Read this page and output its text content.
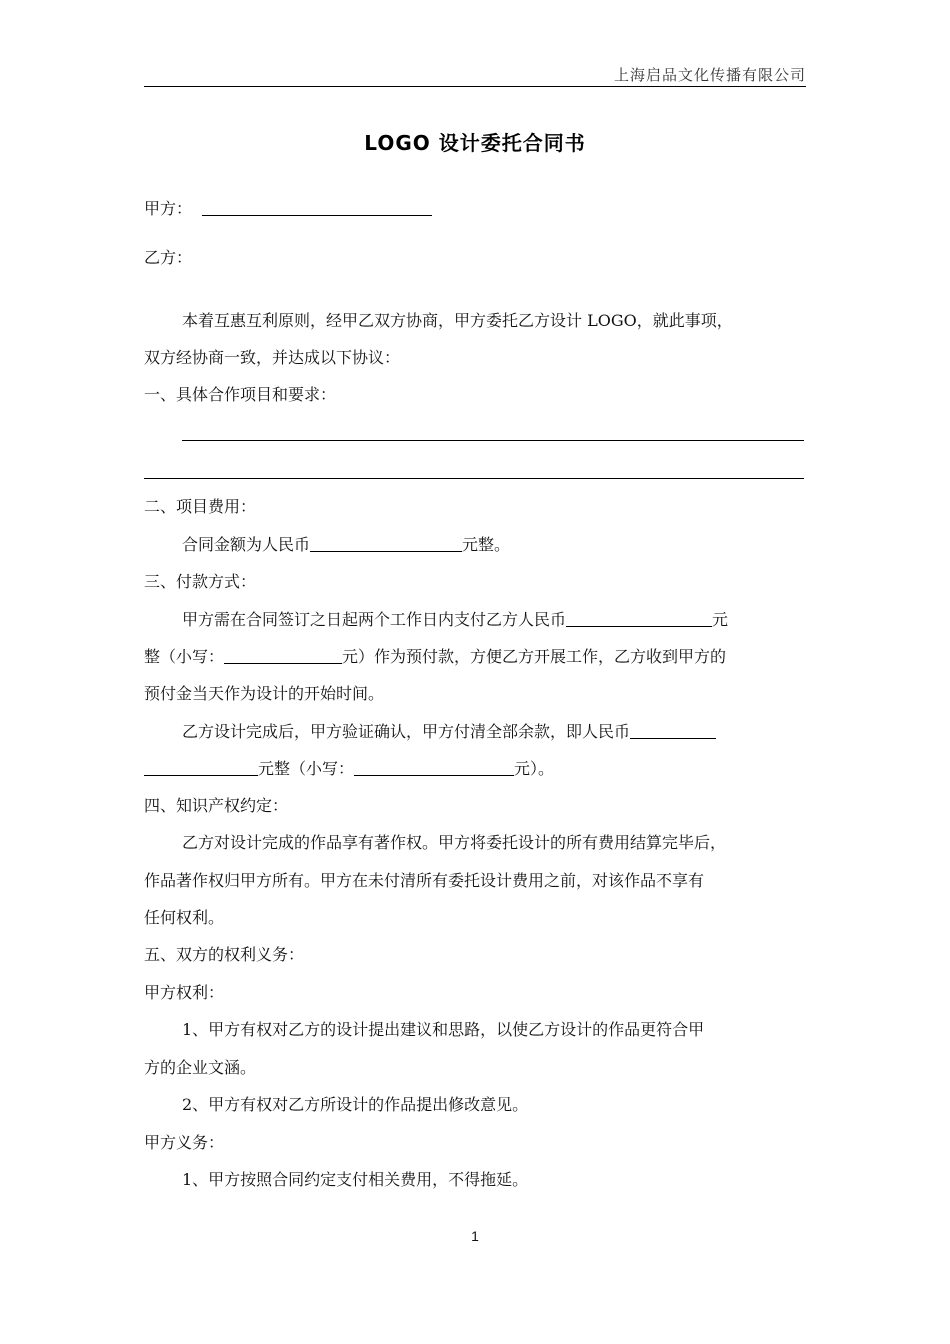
上海启品文化传播有限公司
LOGO 设计委托合同书
甲方：
乙方：
本着互惠互利原则，经甲乙双方协商，甲方委托乙方设计 LOGO，就此事项，
双方经协商一致，并达成以下协议：
一、具体合作项目和要求：
二、项目费用：
合同金额为人民币	元整。
三、付款方式：
甲方需在合同签订之日起两个工作日内支付乙方人民币	元
整（小写：	元）作为预付款，方便乙方开展工作，乙方收到甲方的
预付金当天作为设计的开始时间。
乙方设计完成后，甲方验证确认，甲方付清全部余款，即人民币
元整（小写：	元）。
四、知识产权约定：
乙方对设计完成的作品享有著作权。甲方将委托设计的所有费用结算完毕后，
作品著作权归甲方所有。甲方在未付清所有委托设计费用之前，对该作品不享有
任何权利。
五、双方的权利义务：
甲方权利：
1、甲方有权对乙方的设计提出建议和思路，以使乙方设计的作品更符合甲
方的企业文涵。
2、甲方有权对乙方所设计的作品提出修改意见。
甲方义务：
1、甲方按照合同约定支付相关费用，不得拖延。
1
